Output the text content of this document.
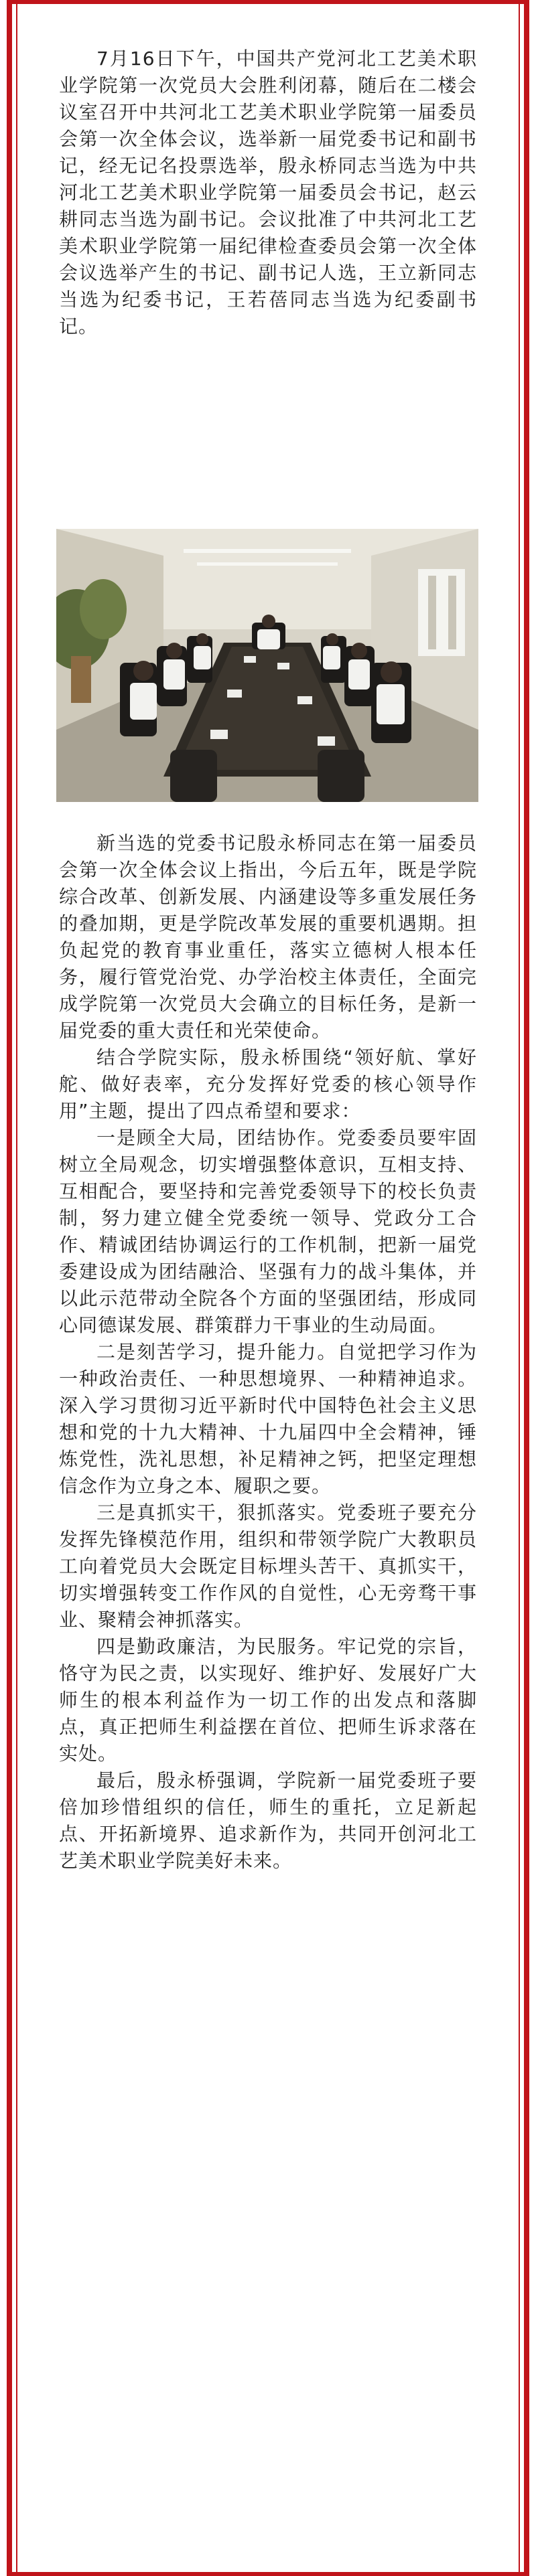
7月16日下午，中国共产党河北工艺美术职业学院第一次党员大会胜利闭幕，随后在二楼会议室召开中共河北工艺美术职业学院第一届委员会第一次全体会议，选举新一届党委书记和副书记，经无记名投票选举，殷永桥同志当选为中共河北工艺美术职业学院第一届委员会书记，赵云耕同志当选为副书记。会议批准了中共河北工艺美术职业学院第一届纪律检查委员会第一次全体会议选举产生的书记、副书记人选，王立新同志当选为纪委书记，王若蓓同志当选为纪委副书记。

新当选的党委书记殷永桥同志在第一届委员会第一次全体会议上指出，今后五年，既是学院综合改革、创新发展、内涵建设等多重发展任务的叠加期，更是学院改革发展的重要机遇期。担负起党的教育事业重任，落实立德树人根本任务，履行管党治党、办学治校主体责任，全面完成学院第一次党员大会确立的目标任务，是新一届党委的重大责任和光荣使命。

结合学院实际，殷永桥围绕“领好航、掌好舵、做好表率，充分发挥好党委的核心领导作用”主题，提出了四点希望和要求：

一是顾全大局，团结协作。党委委员要牢固树立全局观念，切实增强整体意识，互相支持、互相配合，要坚持和完善党委领导下的校长负责制，努力建立健全党委统一领导、党政分工合作、精诚团结协调运行的工作机制，把新一届党委建设成为团结融洽、坚强有力的战斗集体，并以此示范带动全院各个方面的坚强团结，形成同心同德谋发展、群策群力干事业的生动局面。

二是刻苦学习，提升能力。自觉把学习作为一种政治责任、一种思想境界、一种精神追求。深入学习贯彻习近平新时代中国特色社会主义思想和党的十九大精神、十九届四中全会精神，锤炼党性，洗礼思想，补足精神之钙，把坚定理想信念作为立身之本、履职之要。

三是真抓实干，狠抓落实。党委班子要充分发挥先锋模范作用，组织和带领学院广大教职员工向着党员大会既定目标埋头苦干、真抓实干，切实增强转变工作作风的自觉性，心无旁骛干事业、聚精会神抓落实。

四是勤政廉洁，为民服务。牢记党的宗旨，恪守为民之责，以实现好、维护好、发展好广大师生的根本利益作为一切工作的出发点和落脚点，真正把师生利益摆在首位、把师生诉求落在实处。

最后，殷永桥强调，学院新一届党委班子要倍加珍惜组织的信任，师生的重托，立足新起点、开拓新境界、追求新作为，共同开创河北工艺美术职业学院美好未来。
